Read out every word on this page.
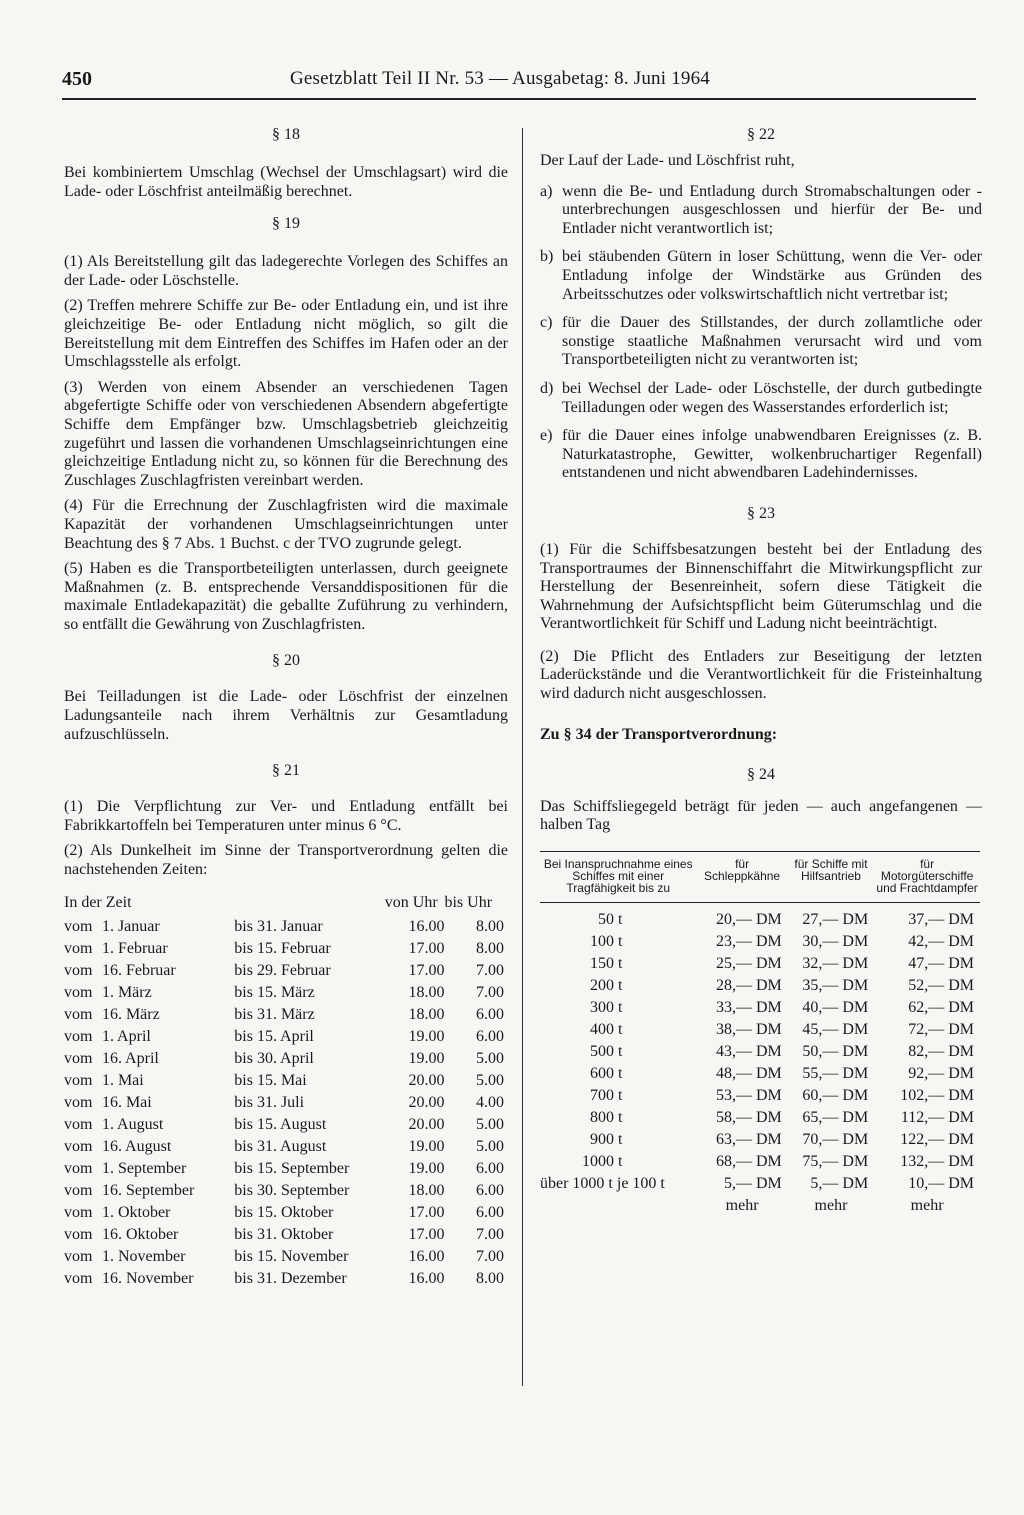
450	Gesetzblatt Teil II Nr. 53 — Ausgabetag: 8. Juni 1964

§ 18

Bei kombiniertem Umschlag (Wechsel der Umschlagsart) wird die Lade- oder Löschfrist anteilmäßig berechnet.

§ 19

(1) Als Bereitstellung gilt das ladegerechte Vorlegen des Schiffes an der Lade- oder Löschstelle.

(2) Treffen mehrere Schiffe zur Be- oder Entladung ein, und ist ihre gleichzeitige Be- oder Entladung nicht möglich, so gilt die Bereitstellung mit dem Eintreffen des Schiffes im Hafen oder an der Umschlagsstelle als erfolgt.

(3) Werden von einem Absender an verschiedenen Tagen abgefertigte Schiffe oder von verschiedenen Absendern abgefertigte Schiffe dem Empfänger bzw. Umschlagsbetrieb gleichzeitig zugeführt und lassen die vorhandenen Umschlagseinrichtungen eine gleichzeitige Entladung nicht zu, so können für die Berechnung des Zuschlages Zuschlagfristen vereinbart werden.

(4) Für die Errechnung der Zuschlagfristen wird die maximale Kapazität der vorhandenen Umschlagseinrichtungen unter Beachtung des § 7 Abs. 1 Buchst. c der TVO zugrunde gelegt.

(5) Haben es die Transportbeteiligten unterlassen, durch geeignete Maßnahmen (z. B. entsprechende Versanddispositionen für die maximale Entladekapazität) die geballte Zuführung zu verhindern, so entfällt die Gewährung von Zuschlagfristen.

§ 20

Bei Teilladungen ist die Lade- oder Löschfrist der einzelnen Ladungsanteile nach ihrem Verhältnis zur Gesamtladung aufzuschlüsseln.

§ 21

(1) Die Verpflichtung zur Ver- und Entladung entfällt bei Fabrikkartoffeln bei Temperaturen unter minus 6 °C.

(2) Als Dunkelheit im Sinne der Transportverordnung gelten die nachstehenden Zeiten:

In der Zeit			von Uhr	bis Uhr
vom	1. Januar	bis 31. Januar	16.00	8.00
vom	1. Februar	bis 15. Februar	17.00	8.00
vom	16. Februar	bis 29. Februar	17.00	7.00
vom	1. März	bis 15. März	18.00	7.00
vom	16. März	bis 31. März	18.00	6.00
vom	1. April	bis 15. April	19.00	6.00
vom	16. April	bis 30. April	19.00	5.00
vom	1. Mai	bis 15. Mai	20.00	5.00
vom	16. Mai	bis 31. Juli	20.00	4.00
vom	1. August	bis 15. August	20.00	5.00
vom	16. August	bis 31. August	19.00	5.00
vom	1. September	bis 15. September	19.00	6.00
vom	16. September	bis 30. September	18.00	6.00
vom	1. Oktober	bis 15. Oktober	17.00	6.00
vom	16. Oktober	bis 31. Oktober	17.00	7.00
vom	1. November	bis 15. November	16.00	7.00
vom	16. November	bis 31. Dezember	16.00	8.00

§ 22

Der Lauf der Lade- und Löschfrist ruht,

a) wenn die Be- und Entladung durch Stromabschaltungen oder -unterbrechungen ausgeschlossen und hierfür der Be- und Entlader nicht verantwortlich ist;
b) bei stäubenden Gütern in loser Schüttung, wenn die Ver- oder Entladung infolge der Windstärke aus Gründen des Arbeitsschutzes oder volkswirtschaftlich nicht vertretbar ist;
c) für die Dauer des Stillstandes, der durch zollamtliche oder sonstige staatliche Maßnahmen verursacht wird und vom Transportbeteiligten nicht zu verantworten ist;
d) bei Wechsel der Lade- oder Löschstelle, der durch gutbedingte Teilladungen oder wegen des Wasserstandes erforderlich ist;
e) für die Dauer eines infolge unabwendbaren Ereignisses (z. B. Naturkatastrophe, Gewitter, wolkenbruchartiger Regenfall) entstandenen und nicht abwendbaren Ladehindernisses.

§ 23

(1) Für die Schiffsbesatzungen besteht bei der Entladung des Transportraumes der Binnenschiffahrt die Mitwirkungspflicht zur Herstellung der Besenreinheit, sofern diese Tätigkeit die Wahrnehmung der Aufsichtspflicht beim Güterumschlag und die Verantwortlichkeit für Schiff und Ladung nicht beeinträchtigt.

(2) Die Pflicht des Entladers zur Beseitigung der letzten Laderückstände und die Verantwortlichkeit für die Fristeinhaltung wird dadurch nicht ausgeschlossen.

Zu § 34 der Transportverordnung:

§ 24

Das Schiffsliegegeld beträgt für jeden — auch angefangenen — halben Tag

Bei Inanspruchnahme eines Schiffes mit einer Tragfähigkeit bis zu	für Schleppkähne	für Schiffe mit Hilfsantrieb	für Motorgüterschiffe und Frachtdampfer
50 t	20,— DM	27,— DM	37,— DM
100 t	23,— DM	30,— DM	42,— DM
150 t	25,— DM	32,— DM	47,— DM
200 t	28,— DM	35,— DM	52,— DM
300 t	33,— DM	40,— DM	62,— DM
400 t	38,— DM	45,— DM	72,— DM
500 t	43,— DM	50,— DM	82,— DM
600 t	48,— DM	55,— DM	92,— DM
700 t	53,— DM	60,— DM	102,— DM
800 t	58,— DM	65,— DM	112,— DM
900 t	63,— DM	70,— DM	122,— DM
1000 t	68,— DM	75,— DM	132,— DM
über 1000 t je 100 t	5,— DM	5,— DM	10,— DM
	mehr	mehr	mehr
